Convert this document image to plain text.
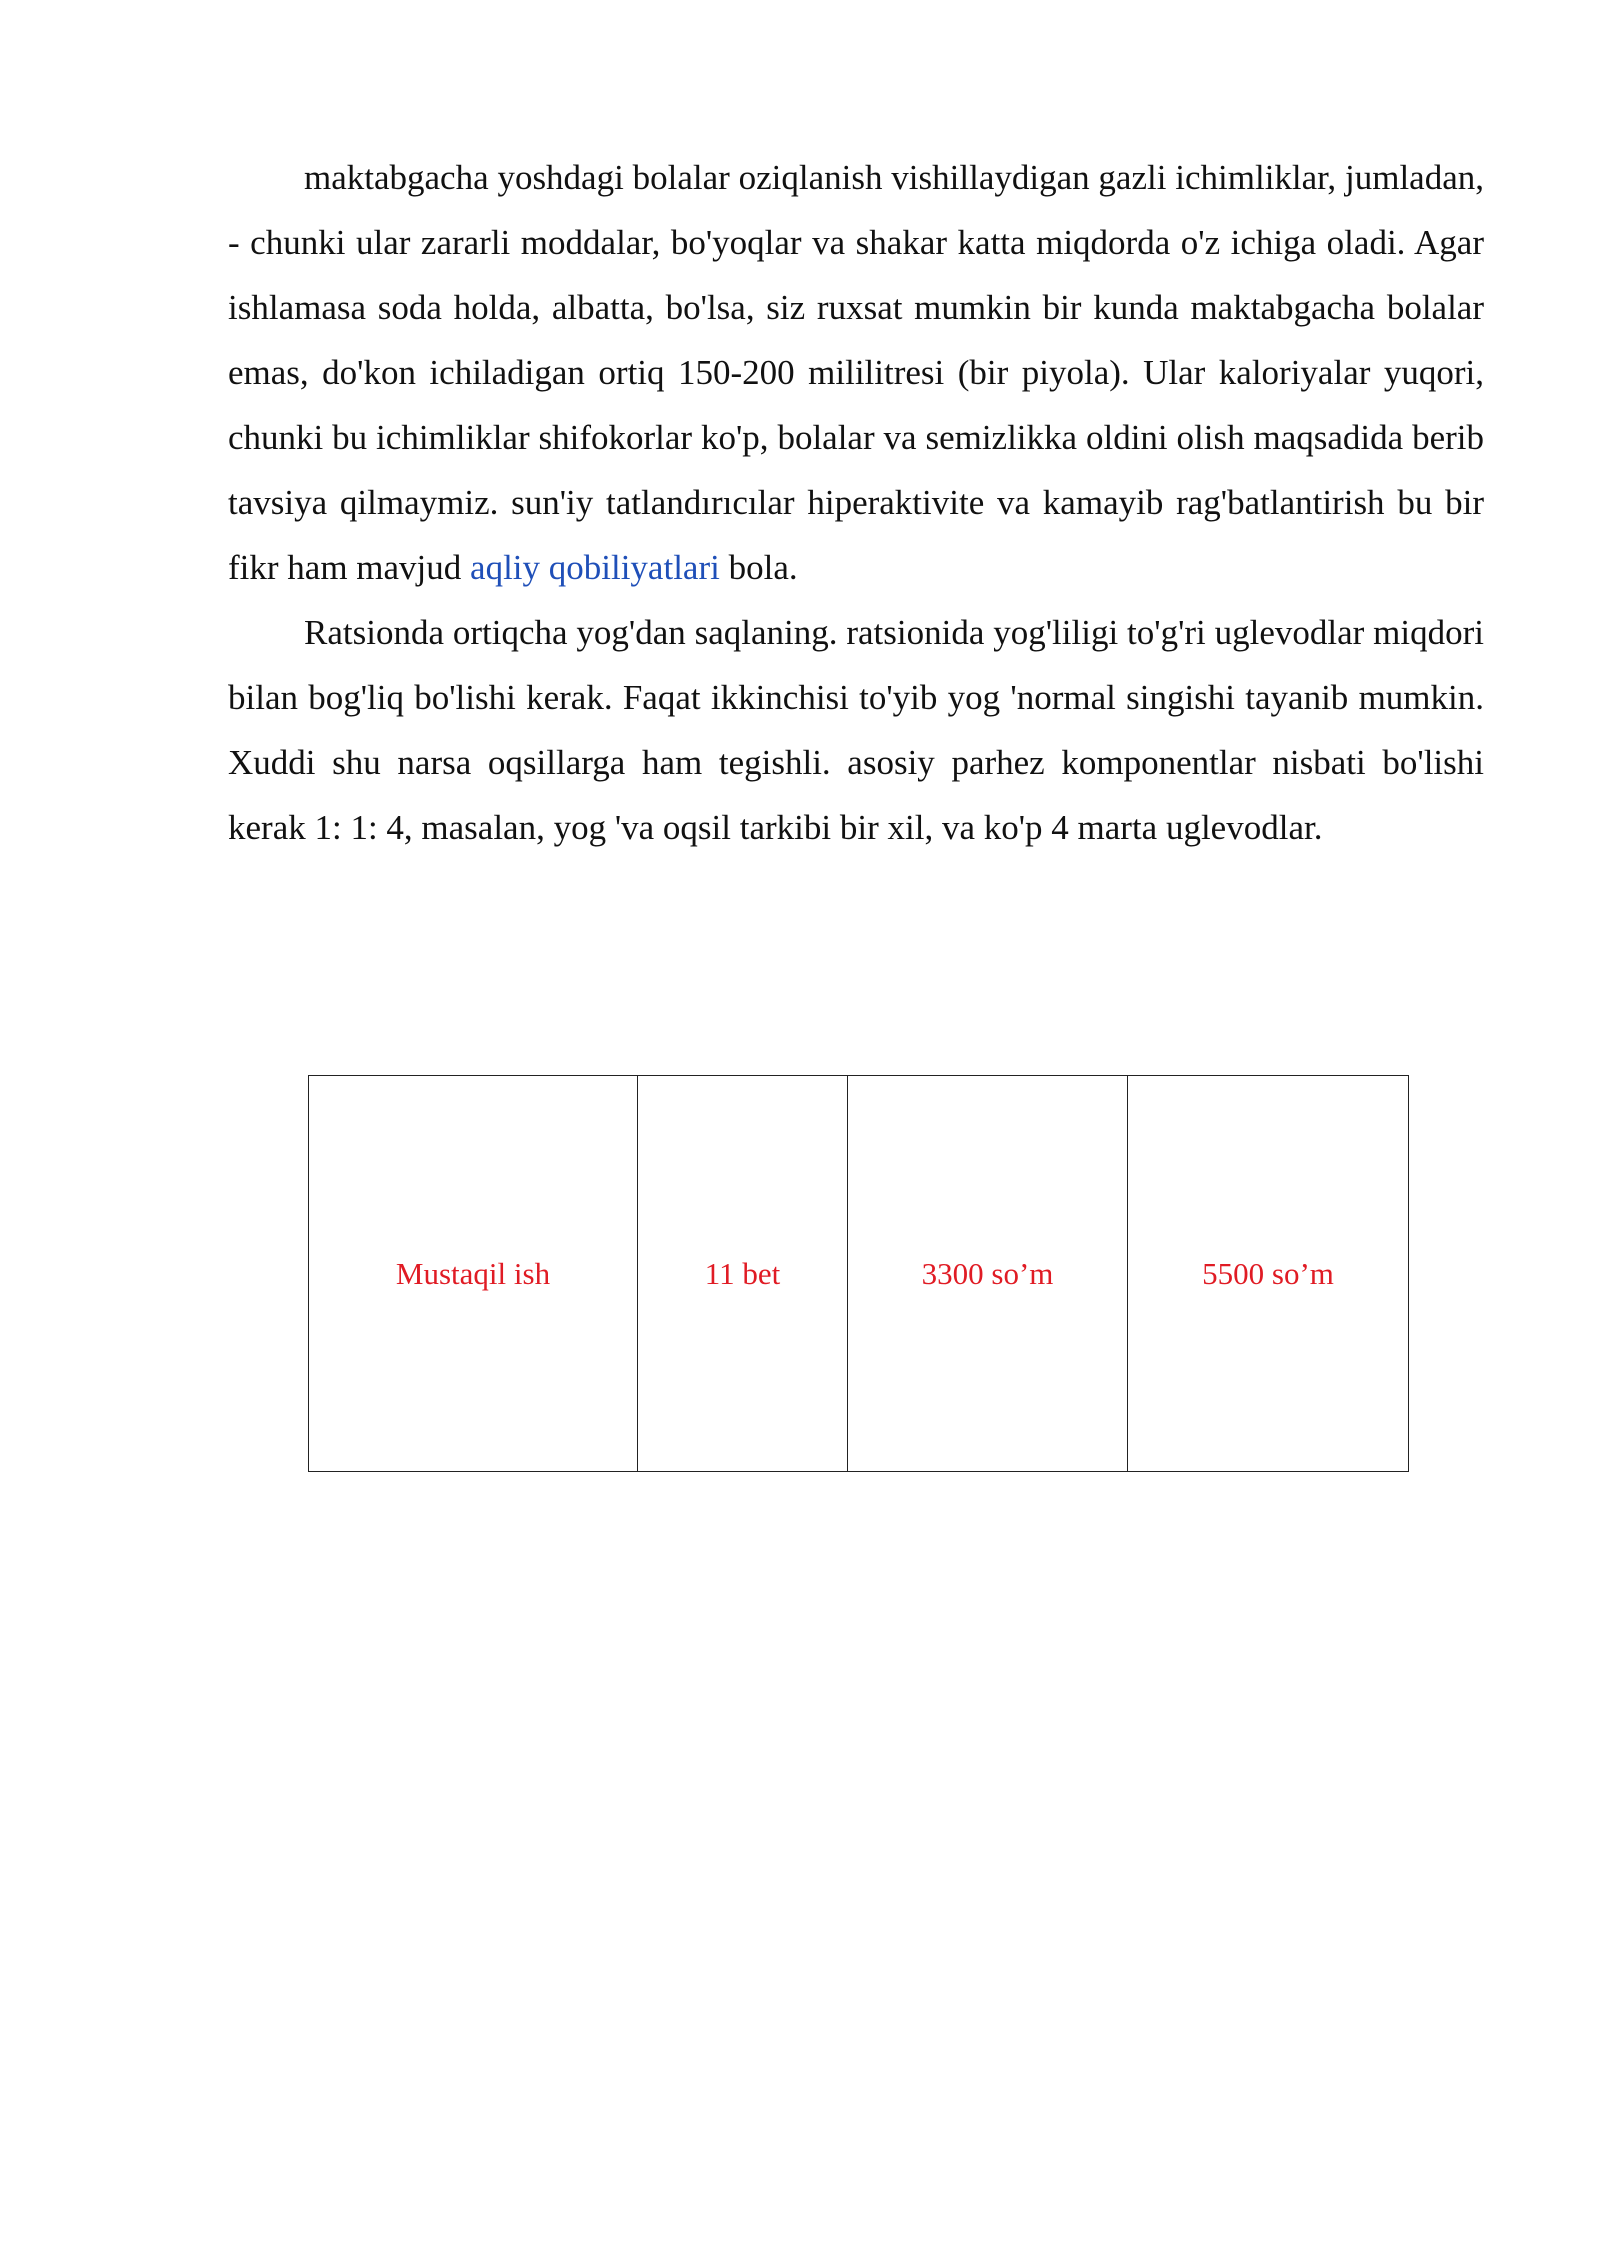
maktabgacha yoshdagi bolalar oziqlanish vishillaydigan gazli ichimliklar, jumladan, - chunki ular zararli moddalar, bo'yoqlar va shakar katta miqdorda o'z ichiga oladi. Agar ishlamasa soda holda, albatta, bo'lsa, siz ruxsat mumkin bir kunda maktabgacha bolalar emas, do'kon ichiladigan ortiq 150-200 mililitresi (bir piyola). Ular kaloriyalar yuqori, chunki bu ichimliklar shifokorlar ko'p, bolalar va semizlikka oldini olish maqsadida berib tavsiya qilmaymiz. sun'iy tatlandırıcılar hiperaktivite va kamayib rag'batlantirish bu bir fikr ham mavjud aqliy qobiliyatlari bola.

Ratsionda ortiqcha yog'dan saqlaning. ratsionida yog'liligi to'g'ri uglevodlar miqdori bilan bog'liq bo'lishi kerak. Faqat ikkinchisi to'yib yog 'normal singishi tayanib mumkin. Xuddi shu narsa oqsillarga ham tegishli. asosiy parhez komponentlar nisbati bo'lishi kerak 1: 1: 4, masalan, yog 'va oqsil tarkibi bir xil, va ko'p 4 marta uglevodlar.

Mustaqil ish	11 bet	3300 so’m	5500 so’m
